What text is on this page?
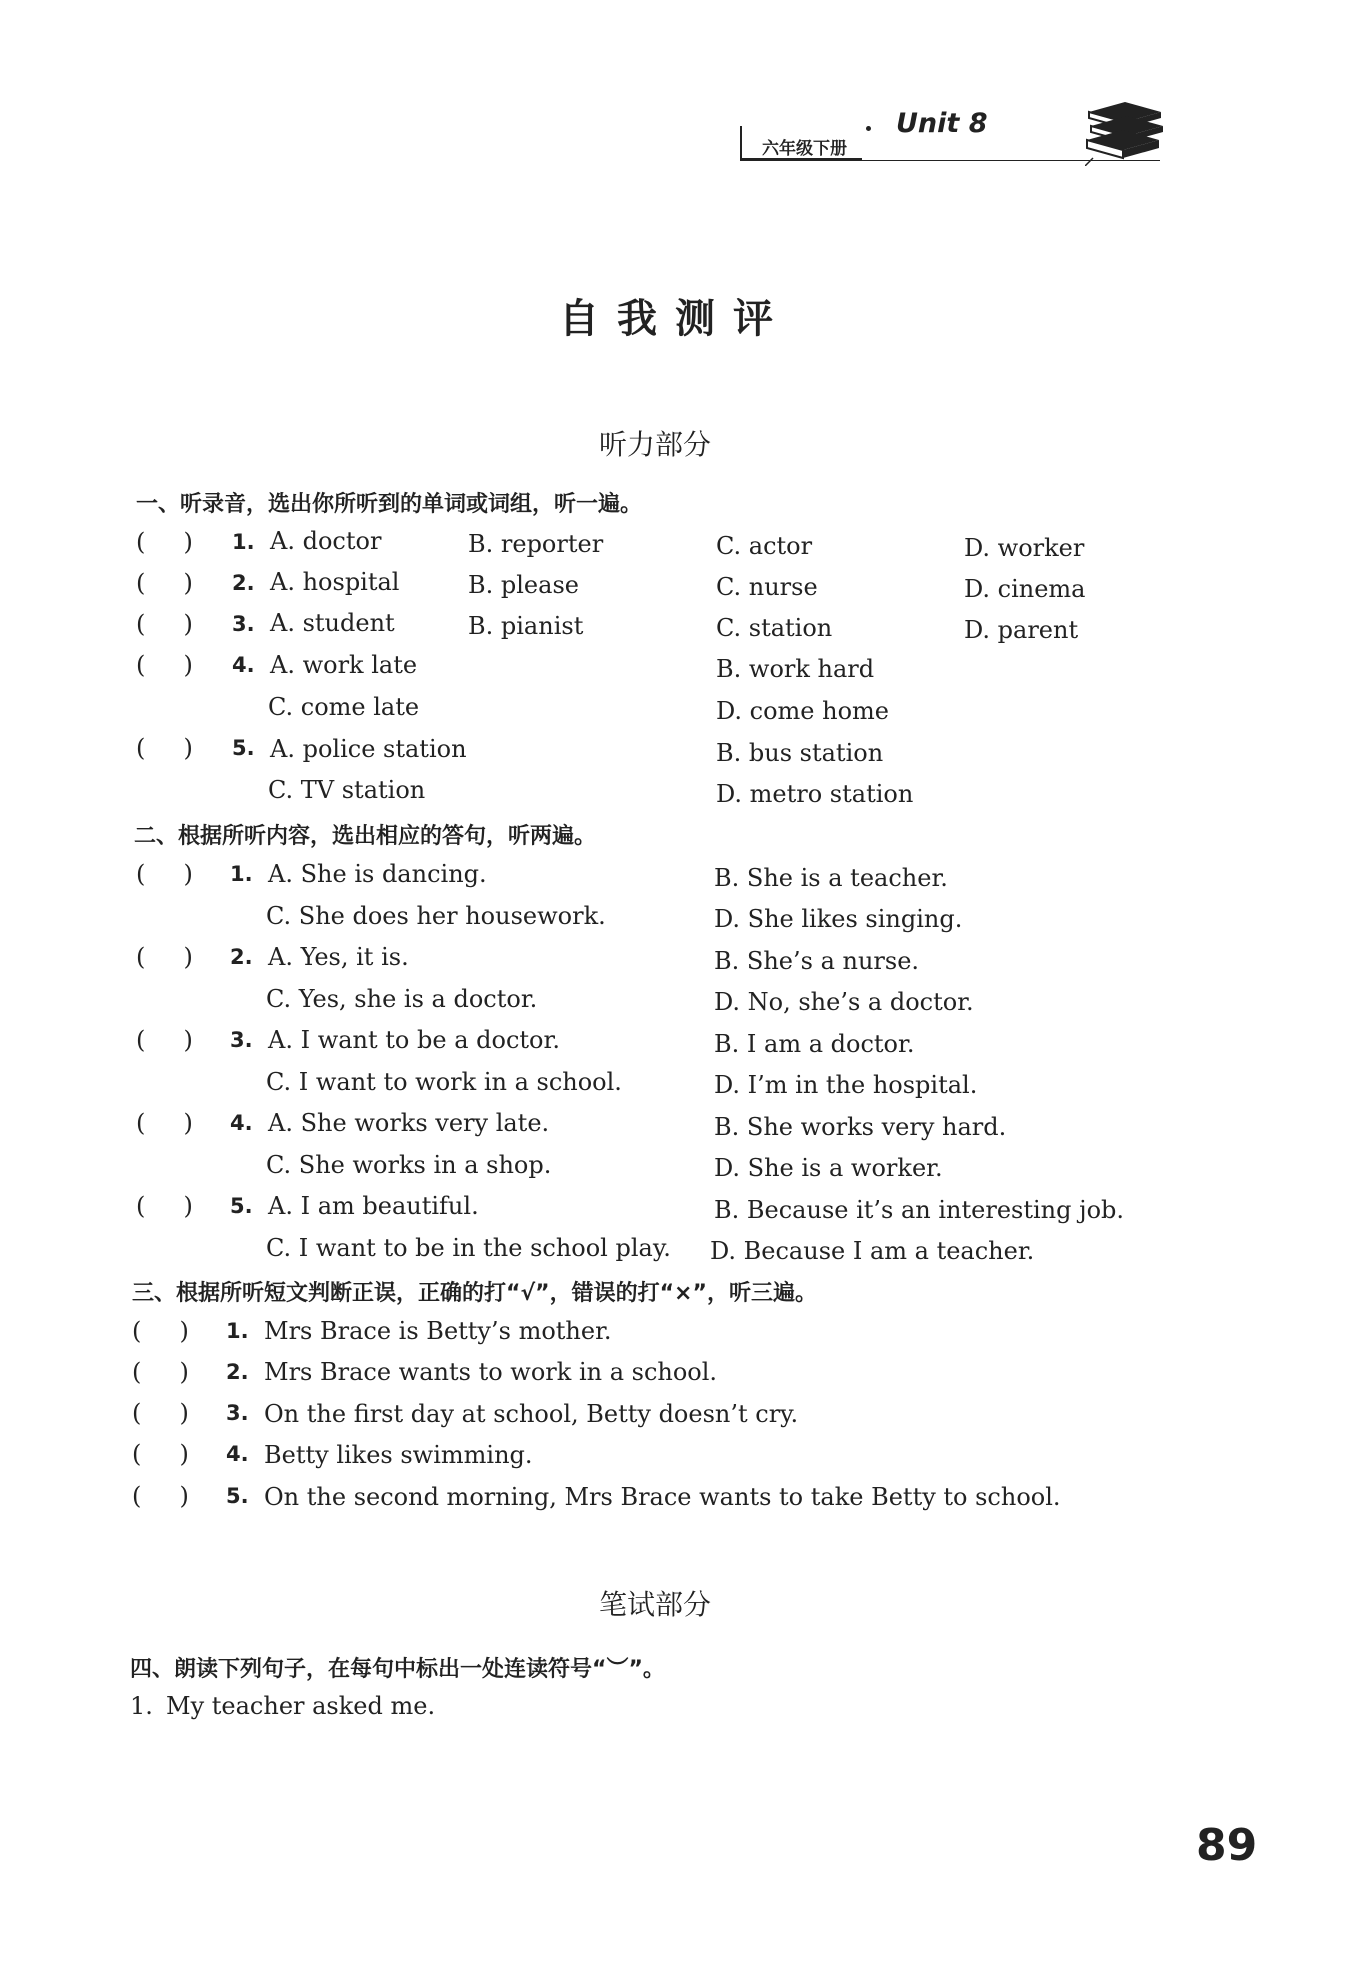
六年级下册
Unit 8
自我测评
听力部分
一、听录音，选出你所听到的单词或词组，听一遍。
(     ) 1. A. doctor	B. reporter	C. actor	D. worker
(     ) 2. A. hospital	B. please	C. nurse	D. cinema
(     ) 3. A. student	B. pianist	C. station	D. parent
(     ) 4. A. work late	B. work hard
C. come late	D. come home
(     ) 5. A. police station	B. bus station
C. TV station	D. metro station
二、根据所听内容，选出相应的答句，听两遍。
(     ) 1. A. She is dancing.	B. She is a teacher.
C. She does her housework.	D. She likes singing.
(     ) 2. A. Yes, it is.	B. She’s a nurse.
C. Yes, she is a doctor.	D. No, she’s a doctor.
(     ) 3. A. I want to be a doctor.	B. I am a doctor.
C. I want to work in a school.	D. I’m in the hospital.
(     ) 4. A. She works very late.	B. She works very hard.
C. She works in a shop.	D. She is a worker.
(     ) 5. A. I am beautiful.	B. Because it’s an interesting job.
C. I want to be in the school play. D. Because I am a teacher.
三、根据所听短文判断正误，正确的打“√”，错误的打“×”，听三遍。
(     ) 1. Mrs Brace is Betty’s mother.
(     ) 2. Mrs Brace wants to work in a school.
(     ) 3. On the first day at school, Betty doesn’t cry.
(     ) 4. Betty likes swimming.
(     ) 5. On the second morning, Mrs Brace wants to take Betty to school.
笔试部分
四、朗读下列句子，在每句中标出一处连读符号“︶”。
1. My teacher asked me.
89
